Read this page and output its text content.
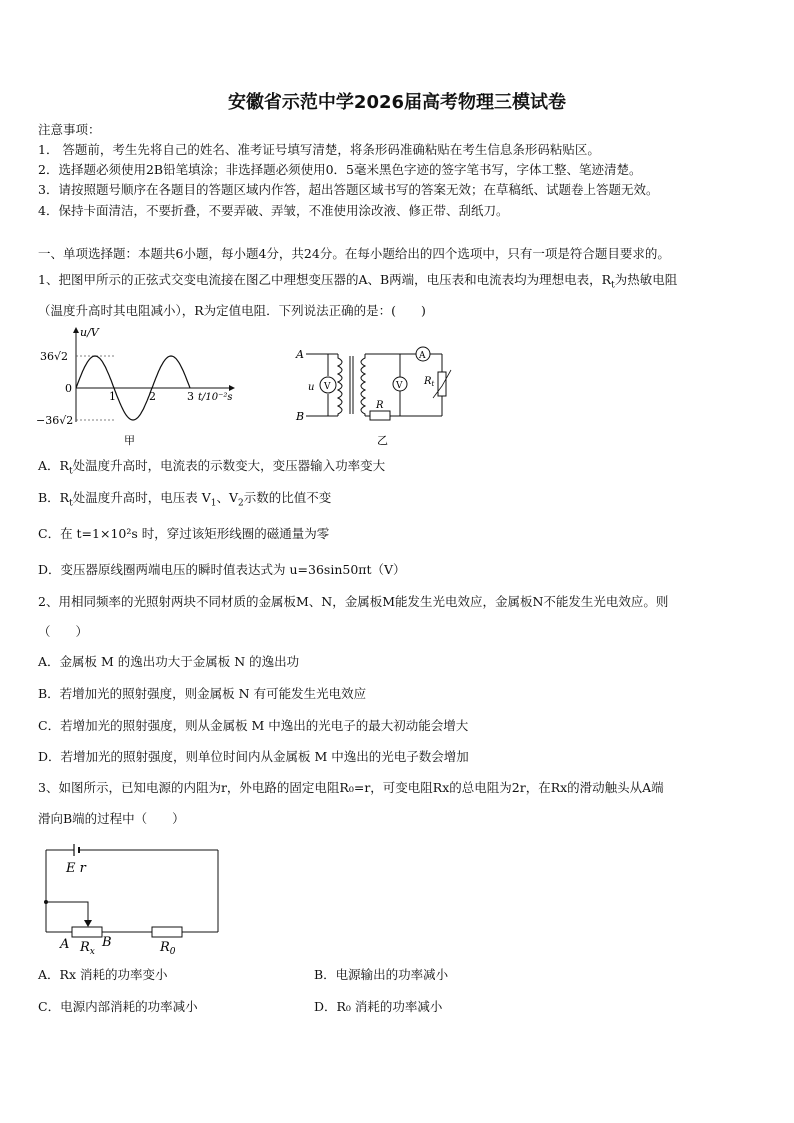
安徽省示范中学2026届高考物理三模试卷
注意事项：
1． 答题前，考生先将自己的姓名、准考证号填写清楚，将条形码准确粘贴在考生信息条形码粘贴区。
2．选择题必须使用2B铅笔填涂；非选择题必须使用0．5毫米黑色字迹的签字笔书写，字体工整、笔迹清楚。
3．请按照题号顺序在各题目的答题区域内作答，超出答题区域书写的答案无效；在草稿纸、试题卷上答题无效。
4．保持卡面清洁，不要折叠，不要弄破、弄皱，不准使用涂改液、修正带、刮纸刀。
一、单项选择题：本题共6小题，每小题4分，共24分。在每小题给出的四个选项中，只有一项是符合题目要求的。
1、把图甲所示的正弦式交变电流接在图乙中理想变压器的A、B两端，电压表和电流表均为理想电表，$R_t$为热敏电阻
（温度升高时其电阻减小），R为定值电阻．下列说法正确的是：(　　)
u/V
36√2
0
−36√2
1	2	3 t/10⁻²s
甲
A
B
u V
A
R
V $R_t$
乙
A．$R_t$处温度升高时，电流表的示数变大，变压器输入功率变大
B．$R_t$处温度升高时，电压表 $V_1$、$V_2$示数的比值不变
C．在 t=1×10²s 时，穿过该矩形线圈的磁通量为零
D．变压器原线圈两端电压的瞬时值表达式为 u=36sin50πt（V）
2、用相同频率的光照射两块不同材质的金属板M、N，金属板M能发生光电效应，金属板N不能发生光电效应。则
（　　）
A．金属板 M 的逸出功大于金属板 N 的逸出功
B．若增加光的照射强度，则金属板 N 有可能发生光电效应
C．若增加光的照射强度，则从金属板 M 中逸出的光电子的最大初动能会增大
D．若增加光的照射强度，则单位时间内从金属板 M 中逸出的光电子数会增加
3、如图所示，已知电源的内阻为r，外电路的固定电阻R₀=r，可变电阻Rx的总电阻为2r，在Rx的滑动触头从A端
滑向B端的过程中（　　）
E r
A $R_x$
B	$R_0$
A．Rx 消耗的功率变小	B．电源输出的功率减小
C．电源内部消耗的功率减小	D．R₀ 消耗的功率减小
